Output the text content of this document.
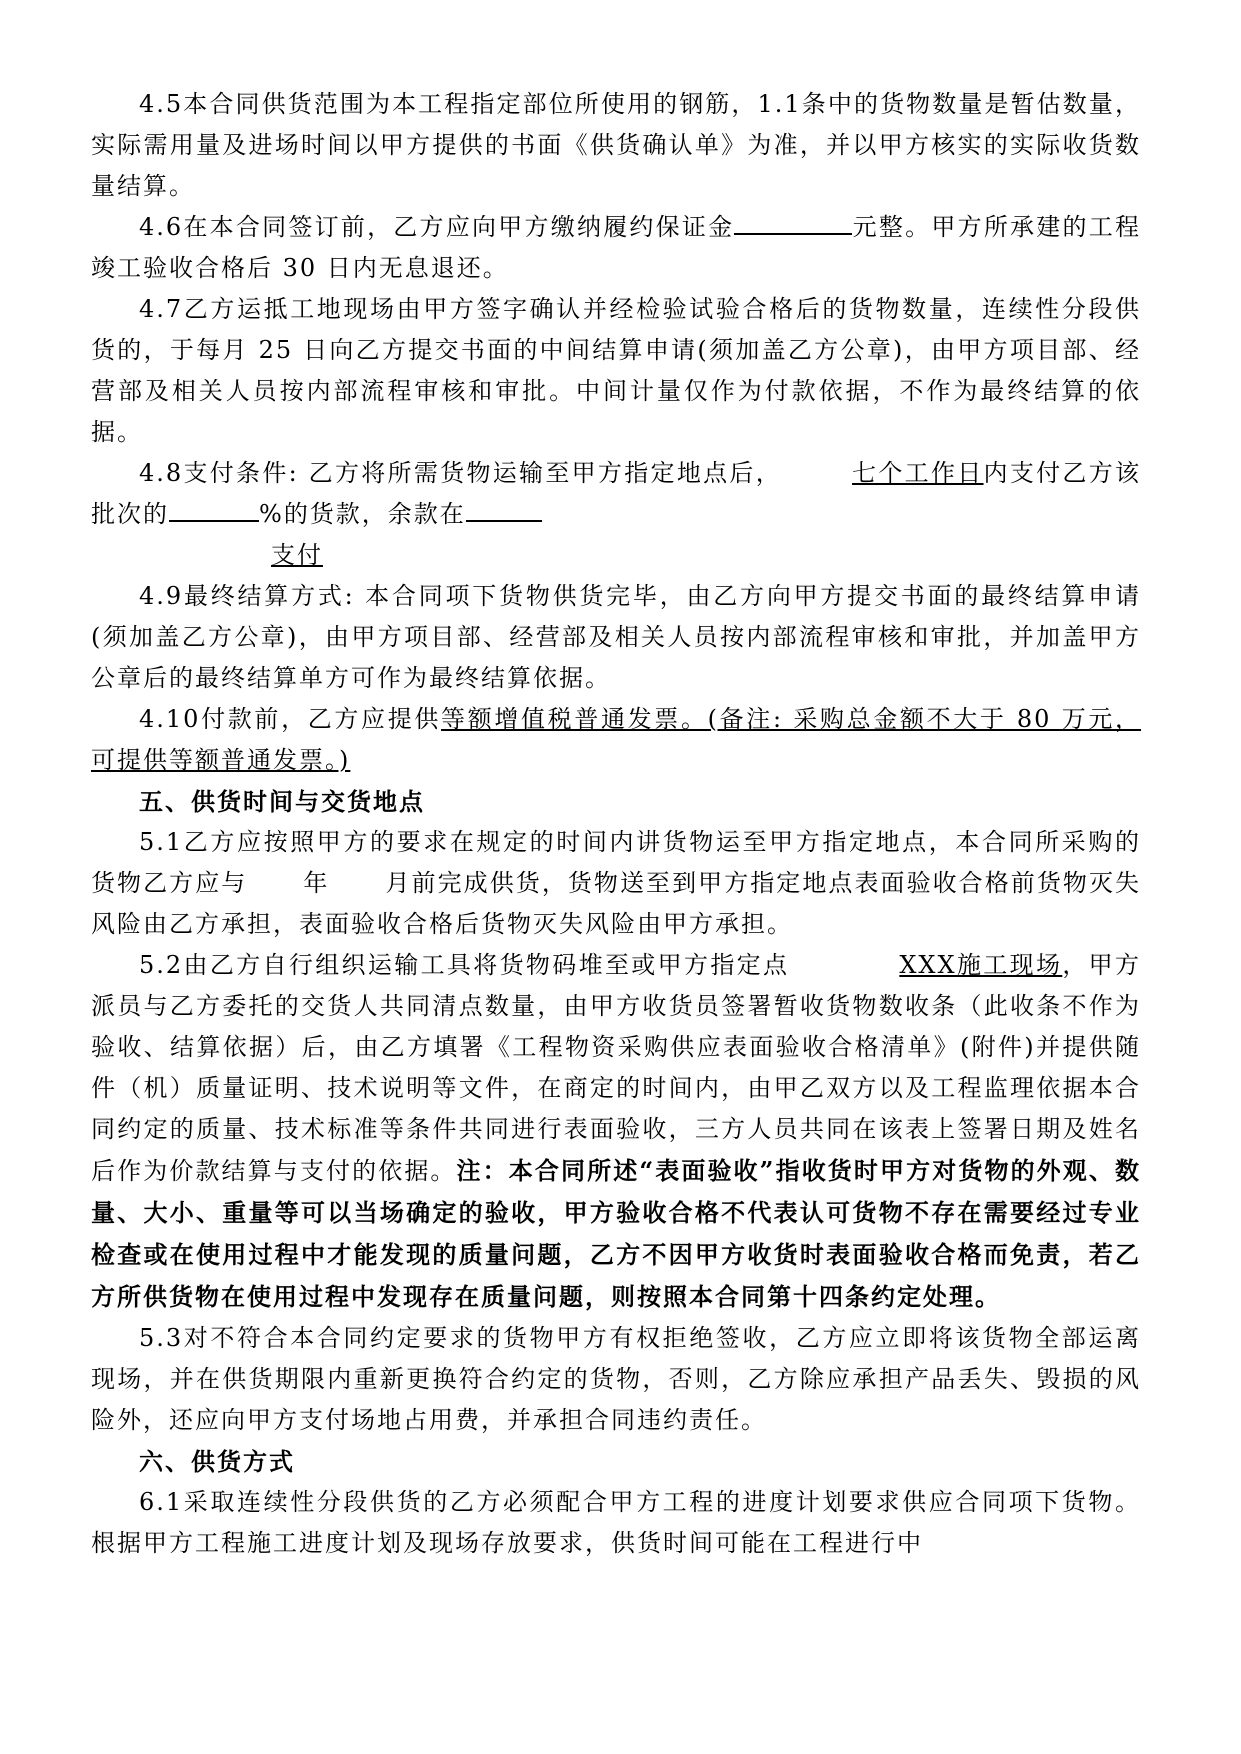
4.5本合同供货范围为本工程指定部位所使用的钢筋，1.1条中的货物数量是暂估数量，实际需用量及进场时间以甲方提供的书面《供货确认单》为准，并以甲方核实的实际收货数量结算。

4.6在本合同签订前，乙方应向甲方缴纳履约保证金	元整。甲方所承建的工程竣工验收合格后 30 日内无息退还。

4.7乙方运抵工地现场由甲方签字确认并经检验试验合格后的货物数量，连续性分段供货的，于每月 25 日向乙方提交书面的中间结算申请(须加盖乙方公章)，由甲方项目部、经营部及相关人员按内部流程审核和审批。中间计量仅作为付款依据，不作为最终结算的依据。

4.8支付条件: 乙方将所需货物运输至甲方指定地点后，	七个工作日内支付乙方该批次的	%的货款，余款在

支付

4.9最终结算方式: 本合同项下货物供货完毕，由乙方向甲方提交书面的最终结算申请(须加盖乙方公章)，由甲方项目部、经营部及相关人员按内部流程审核和审批，并加盖甲方公章后的最终结算单方可作为最终结算依据。

4.10付款前，乙方应提供等额增值税普通发票。(备注: 采购总金额不大于 80 万元，可提供等额普通发票。)

五、供货时间与交货地点

5.1乙方应按照甲方的要求在规定的时间内讲货物运至甲方指定地点，本合同所采购的货物乙方应与 年 月前完成供货，货物送至到甲方指定地点表面验收合格前货物灭失风险由乙方承担，表面验收合格后货物灭失风险由甲方承担。

5.2由乙方自行组织运输工具将货物码堆至或甲方指定点	XXX施工现场，甲方派员与乙方委托的交货人共同清点数量，由甲方收货员签署暂收货物数收条（此收条不作为验收、结算依据）后，由乙方填署《工程物资采购供应表面验收合格清单》(附件)并提供随件（机）质量证明、技术说明等文件，在商定的时间内，由甲乙双方以及工程监理依据本合同约定的质量、技术标准等条件共同进行表面验收，三方人员共同在该表上签署日期及姓名后作为价款结算与支付的依据。注：本合同所述“表面验收”指收货时甲方对货物的外观、数量、大小、重量等可以当场确定的验收，甲方验收合格不代表认可货物不存在需要经过专业检查或在使用过程中才能发现的质量问题，乙方不因甲方收货时表面验收合格而免责，若乙方所供货物在使用过程中发现存在质量问题，则按照本合同第十四条约定处理。

5.3对不符合本合同约定要求的货物甲方有权拒绝签收，乙方应立即将该货物全部运离现场，并在供货期限内重新更换符合约定的货物，否则，乙方除应承担产品丢失、毁损的风险外，还应向甲方支付场地占用费，并承担合同违约责任。

六、供货方式

6.1采取连续性分段供货的乙方必须配合甲方工程的进度计划要求供应合同项下货物。根据甲方工程施工进度计划及现场存放要求，供货时间可能在工程进行中
